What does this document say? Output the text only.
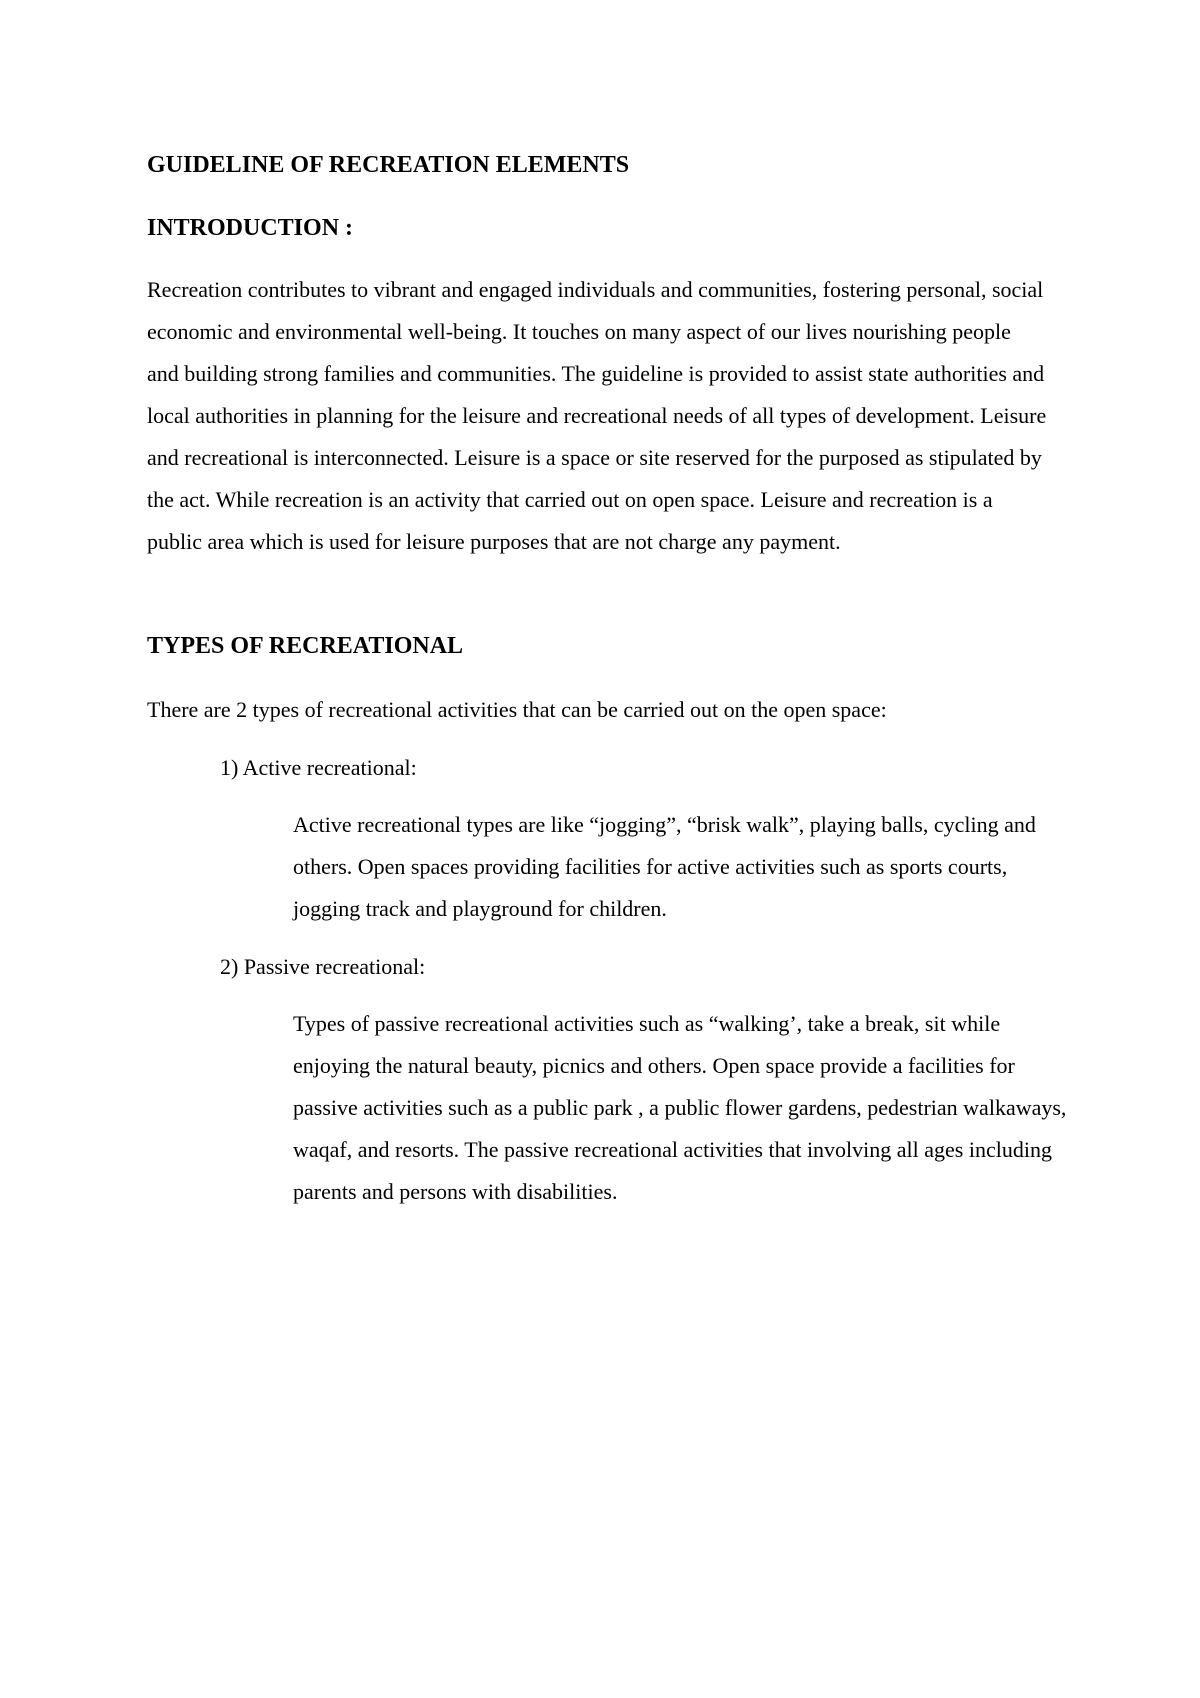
GUIDELINE OF RECREATION ELEMENTS
INTRODUCTION :

Recreation contributes to vibrant and engaged individuals and communities, fostering personal, social economic and environmental well-being. It touches on many aspect of our lives nourishing people and building strong families and communities. The guideline is provided to assist state authorities and local authorities in planning for the leisure and recreational needs of all types of development. Leisure and recreational is interconnected. Leisure is a space or site reserved for the purposed as stipulated by the act. While recreation is an activity that carried out on open space. Leisure and recreation is a public area which is used for leisure purposes that are not charge any payment.

TYPES OF RECREATIONAL

There are 2 types of recreational activities that can be carried out on the open space:

1) Active recreational:

Active recreational types are like “jogging”, “brisk walk”, playing balls, cycling and others. Open spaces providing facilities for active activities such as sports courts, jogging track and playground for children.

2) Passive recreational:

Types of passive recreational activities such as “walking’, take a break, sit while enjoying the natural beauty, picnics and others. Open space provide a facilities for passive activities such as a public park , a public flower gardens, pedestrian walkaways, waqaf, and resorts. The passive recreational activities that involving all ages including parents and persons with disabilities.
